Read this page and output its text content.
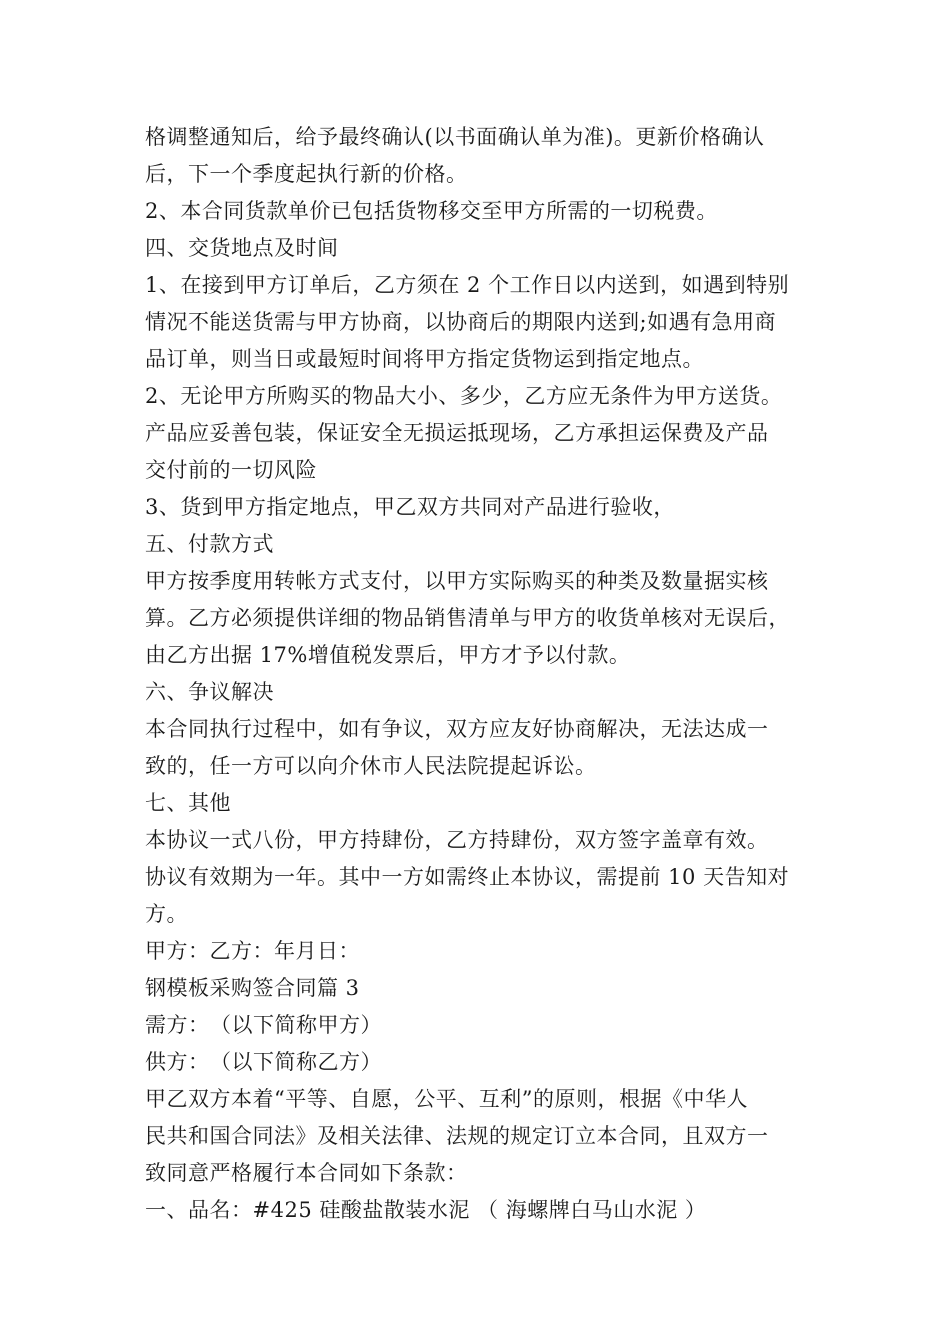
格调整通知后，给予最终确认(以书面确认单为准)。更新价格确认
后，下一个季度起执行新的价格。
2、本合同货款单价已包括货物移交至甲方所需的一切税费。
四、交货地点及时间
1、在接到甲方订单后，乙方须在 2 个工作日以内送到，如遇到特别
情况不能送货需与甲方协商，以协商后的期限内送到;如遇有急用商
品订单，则当日或最短时间将甲方指定货物运到指定地点。
2、无论甲方所购买的物品大小、多少，乙方应无条件为甲方送货。
产品应妥善包装，保证安全无损运抵现场，乙方承担运保费及产品
交付前的一切风险
3、货到甲方指定地点，甲乙双方共同对产品进行验收，
五、付款方式
甲方按季度用转帐方式支付，以甲方实际购买的种类及数量据实核
算。乙方必须提供详细的物品销售清单与甲方的收货单核对无误后，
由乙方出据 17%增值税发票后，甲方才予以付款。
六、争议解决
本合同执行过程中，如有争议，双方应友好协商解决，无法达成一
致的，任一方可以向介休市人民法院提起诉讼。
七、其他
本协议一式八份，甲方持肆份，乙方持肆份，双方签字盖章有效。
协议有效期为一年。其中一方如需终止本协议，需提前 10 天告知对
方。
甲方：乙方：年月日：
钢模板采购签合同篇 3
需方：　（以下简称甲方）
供方：　（以下简称乙方）
甲乙双方本着“平等、自愿，公平、互利”的原则，根据《中华人
民共和国合同法》及相关法律、法规的规定订立本合同，且双方一
致同意严格履行本合同如下条款：
一、品名：#425 硅酸盐散装水泥 （ 海螺牌白马山水泥 ）
